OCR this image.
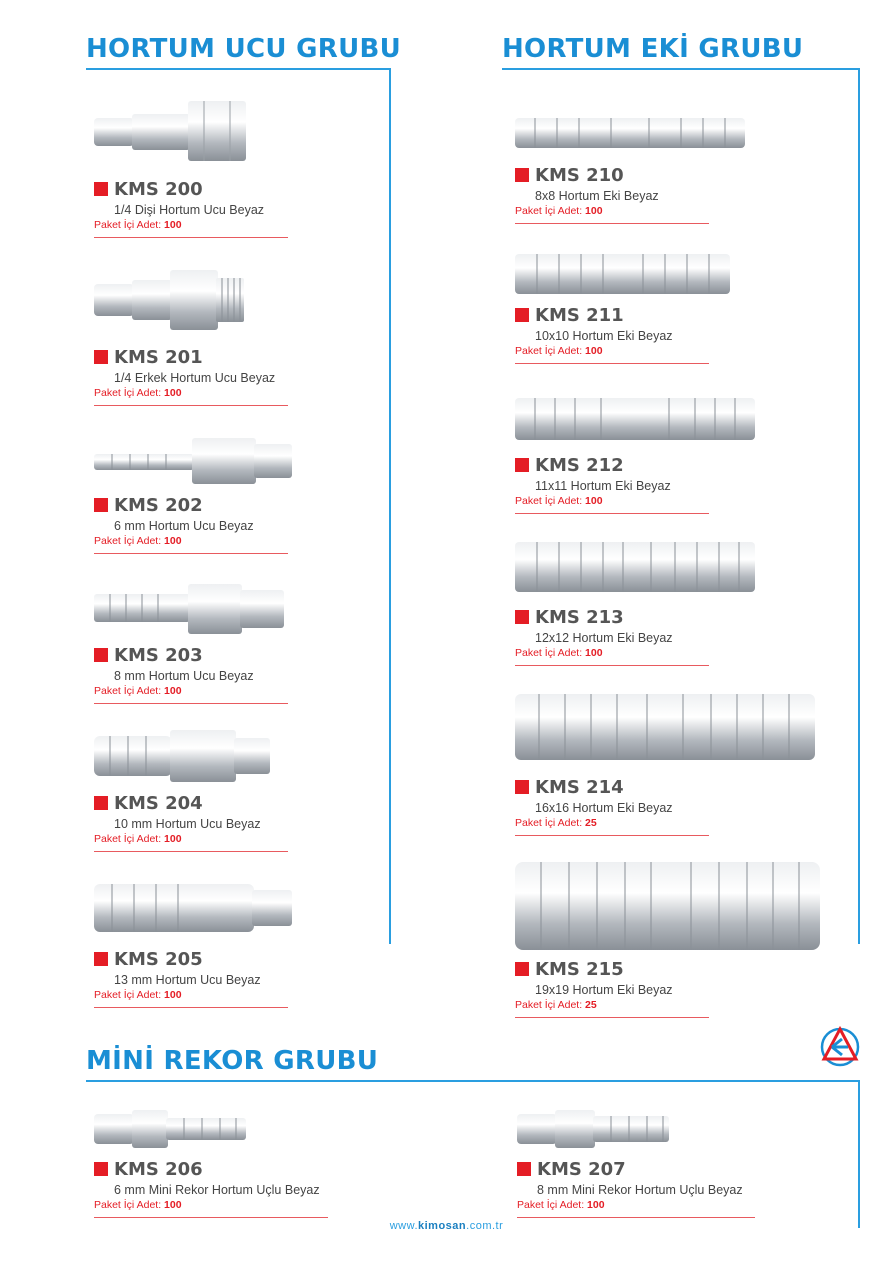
HORTUM UCU GRUBU	HORTUM EKİ GRUBU
MİNİ REKOR GRUBU
KMS 200
1/4 Dişi Hortum Ucu Beyaz
Paket İçi Adet: 100
KMS 201
1/4 Erkek Hortum Ucu Beyaz
Paket İçi Adet: 100
KMS 202
6 mm Hortum Ucu Beyaz
Paket İçi Adet: 100
KMS 203
8 mm Hortum Ucu Beyaz
Paket İçi Adet: 100
KMS 204
10 mm Hortum Ucu Beyaz
Paket İçi Adet: 100
KMS 205
13 mm Hortum Ucu Beyaz
Paket İçi Adet: 100
KMS 210
8x8 Hortum Eki Beyaz
Paket İçi Adet: 100
KMS 211
10x10 Hortum Eki Beyaz
Paket İçi Adet: 100
KMS 212
11x11 Hortum Eki Beyaz
Paket İçi Adet: 100
KMS 213
12x12 Hortum Eki Beyaz
Paket İçi Adet: 100
KMS 214
16x16 Hortum Eki Beyaz
Paket İçi Adet: 25
KMS 215
19x19 Hortum Eki Beyaz
Paket İçi Adet: 25
KMS 206
6 mm Mini Rekor Hortum Uçlu Beyaz
Paket İçi Adet: 100
KMS 207
8 mm Mini Rekor Hortum Uçlu Beyaz
Paket İçi Adet: 100
www.kimosan.com.tr
